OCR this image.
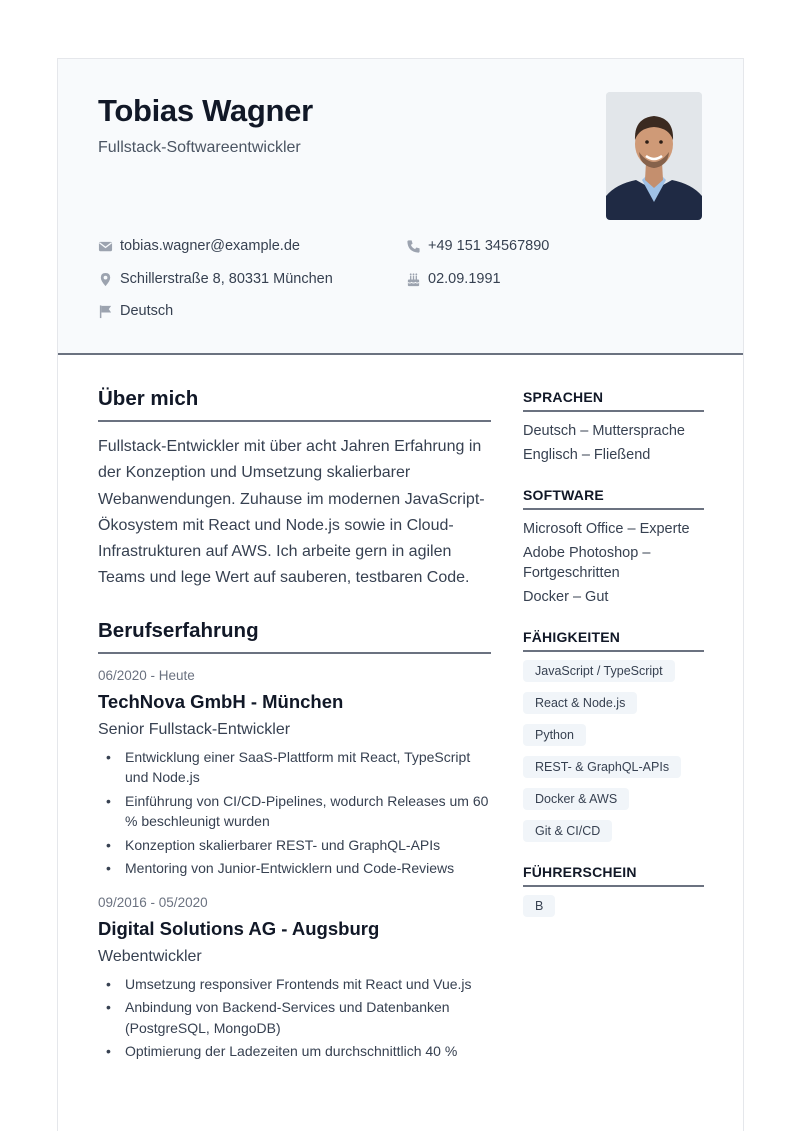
Tobias Wagner
Fullstack-Softwareentwickler
tobias.wagner@example.de	+49 151 34567890
Schillerstraße 8, 80331 München	02.09.1991
Deutsch
Über mich

Fullstack-Entwickler mit über acht Jahren Erfahrung in der Konzeption und Umsetzung skalierbarer Webanwendungen. Zuhause im modernen JavaScript-Ökosystem mit React und Node.js sowie in Cloud-Infrastrukturen auf AWS. Ich arbeite gern in agilen Teams und lege Wert auf sauberen, testbaren Code.

Berufserfahrung
06/2020 - Heute
TechNova GmbH - München
Senior Fullstack-Entwickler
• Entwicklung einer SaaS-Plattform mit React, TypeScript und Node.js
• Einführung von CI/CD-Pipelines, wodurch Releases um 60 % beschleunigt wurden
• Konzeption skalierbarer REST- und GraphQL-APIs
• Mentoring von Junior-Entwicklern und Code-Reviews
09/2016 - 05/2020
Digital Solutions AG - Augsburg
Webentwickler
• Umsetzung responsiver Frontends mit React und Vue.js
• Anbindung von Backend-Services und Datenbanken (PostgreSQL, MongoDB)
• Optimierung der Ladezeiten um durchschnittlich 40 %
SPRACHEN
Deutsch – Muttersprache
Englisch – Fließend
SOFTWARE
Microsoft Office – Experte
Adobe Photoshop – Fortgeschritten
Docker – Gut
FÄHIGKEITEN
JavaScript / TypeScript
React & Node.js
Python
REST- & GraphQL-APIs
Docker & AWS
Git & CI/CD
FÜHRERSCHEIN
B
